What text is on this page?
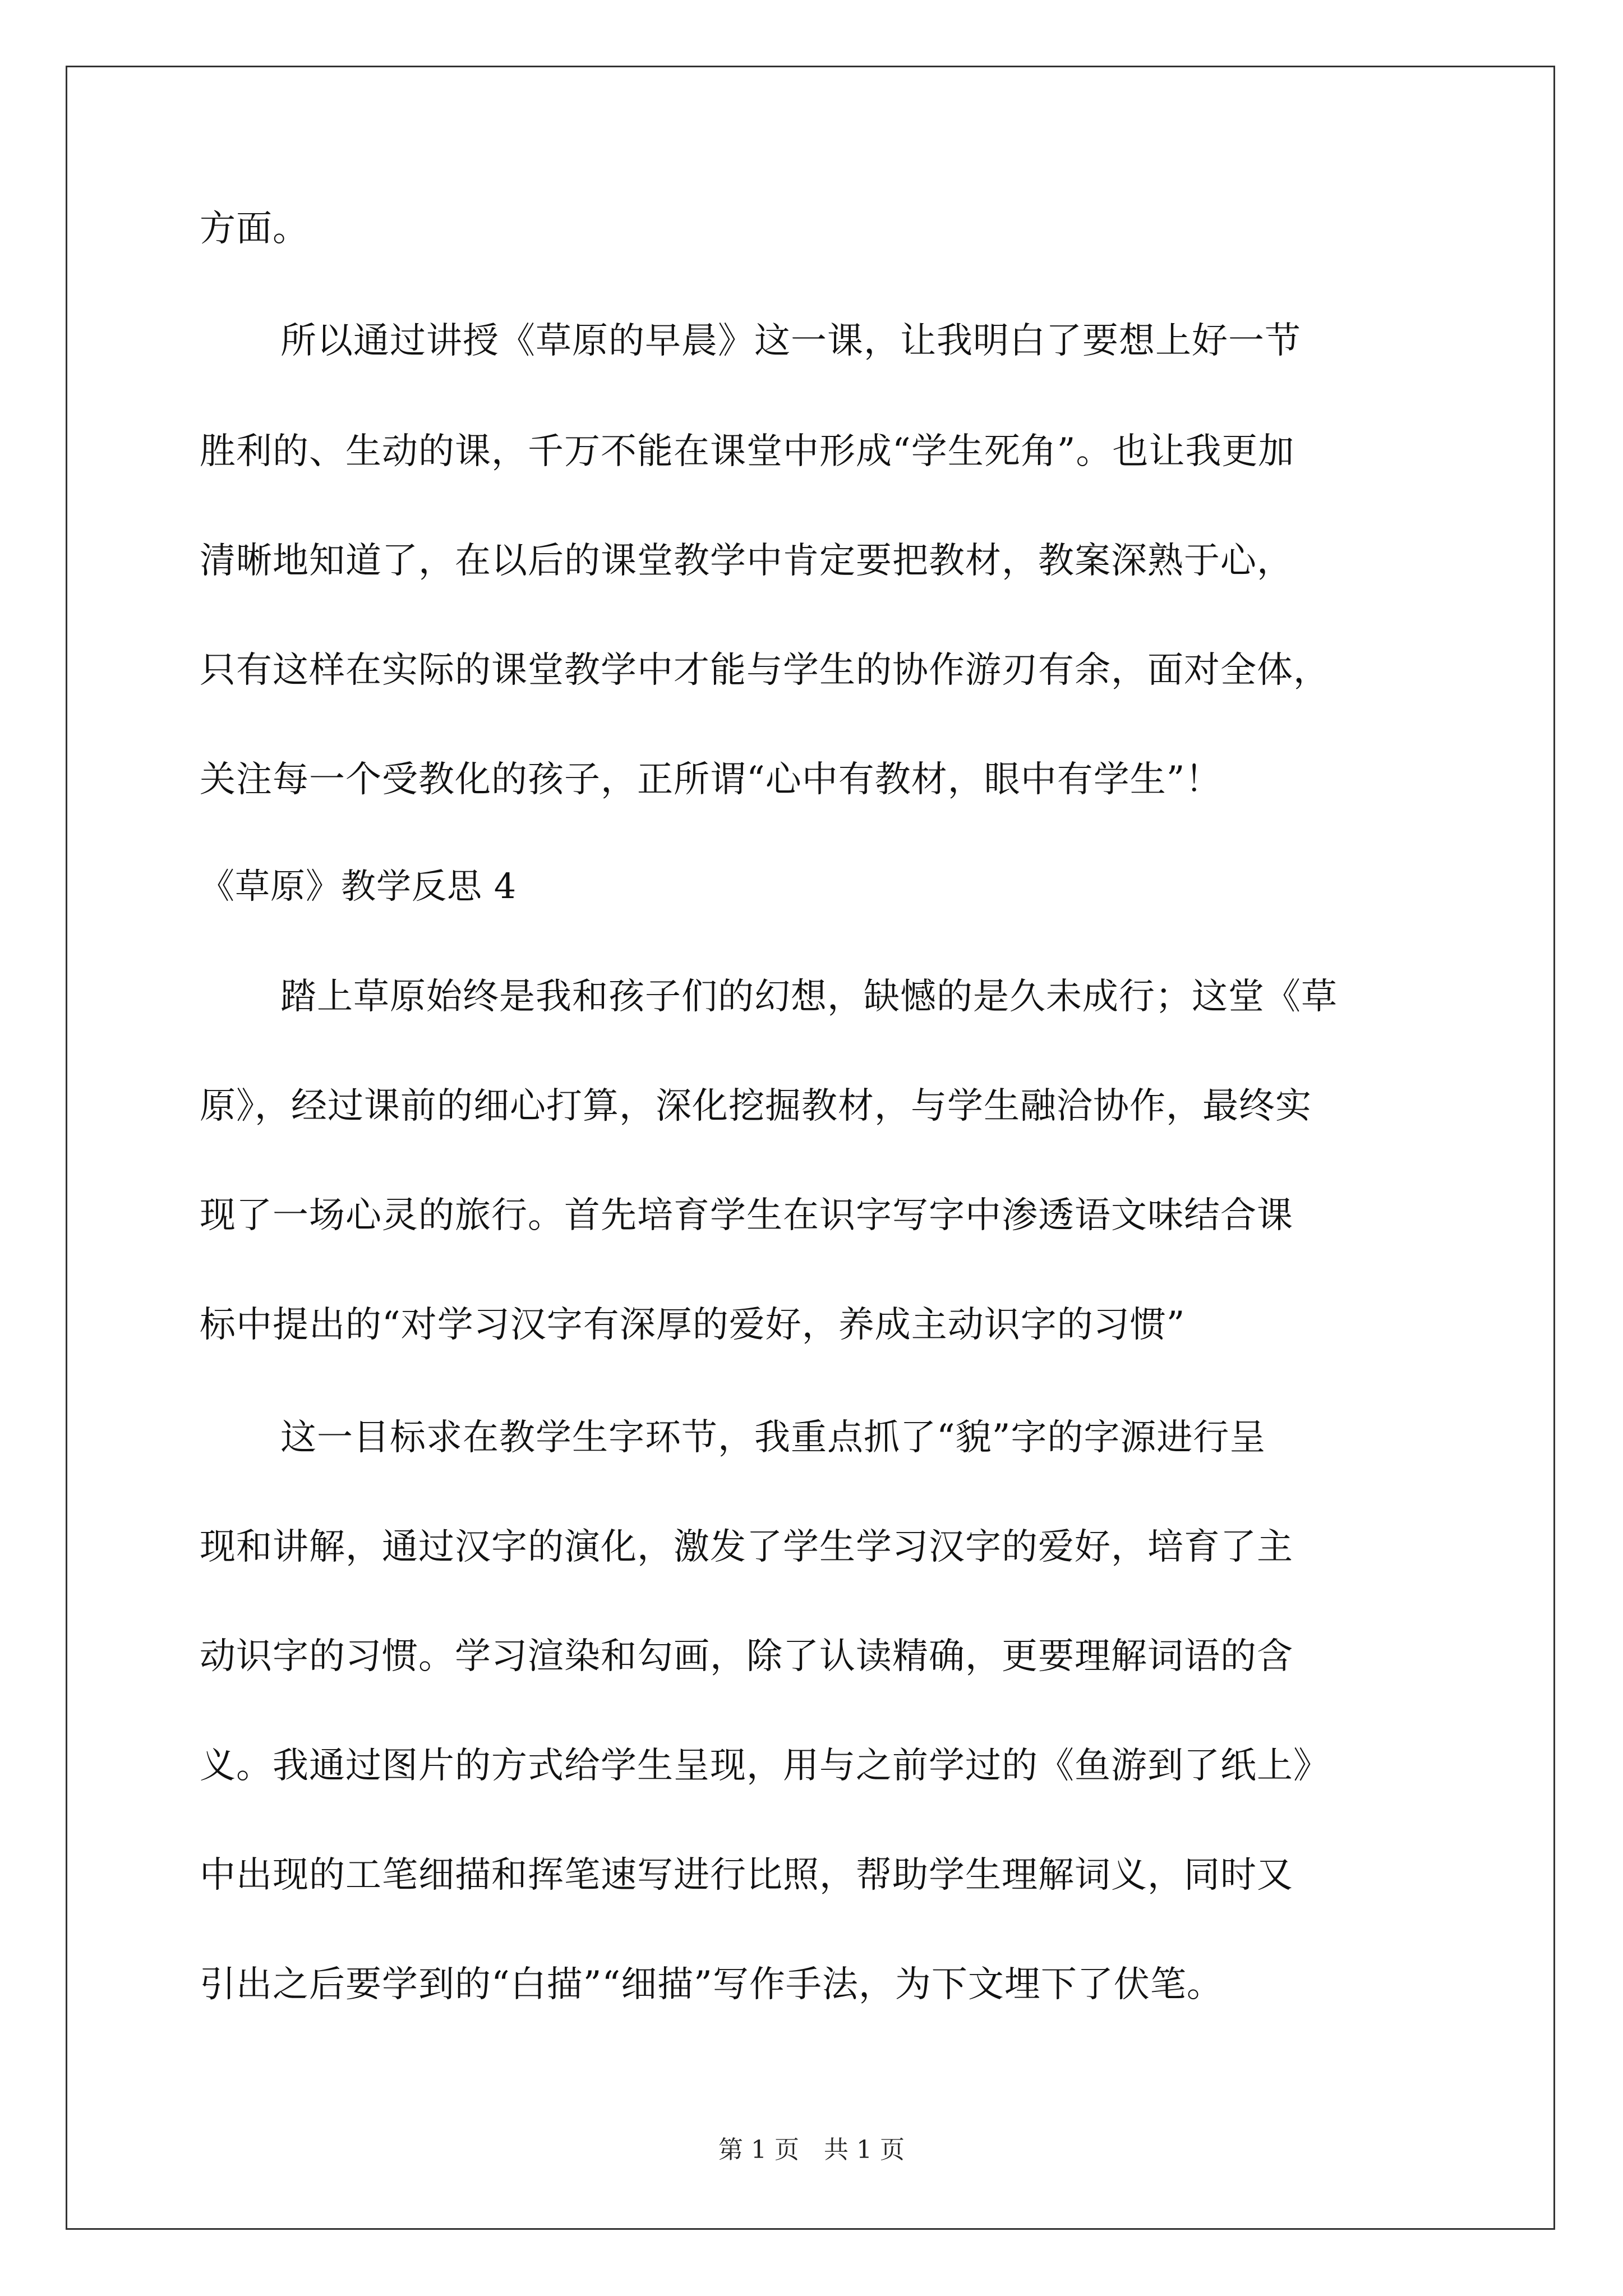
方面。
所以通过讲授《草原的早晨》这一课，让我明白了要想上好一节
胜利的、生动的课，千万不能在课堂中形成“学生死角”。也让我更加
清晰地知道了，在以后的课堂教学中肯定要把教材，教案深熟于心，
只有这样在实际的课堂教学中才能与学生的协作游刃有余，面对全体，
关注每一个受教化的孩子，正所谓“心中有教材，眼中有学生”！
《草原》教学反思 4
踏上草原始终是我和孩子们的幻想，缺憾的是久未成行；这堂《草
原》，经过课前的细心打算，深化挖掘教材，与学生融洽协作，最终实
现了一场心灵的旅行。首先培育学生在识字写字中渗透语文味结合课
标中提出的“对学习汉字有深厚的爱好，养成主动识字的习惯”
这一目标求在教学生字环节，我重点抓了“貌”字的字源进行呈
现和讲解，通过汉字的演化，激发了学生学习汉字的爱好，培育了主
动识字的习惯。学习渲染和勾画，除了认读精确，更要理解词语的含
义。我通过图片的方式给学生呈现，用与之前学过的《鱼游到了纸上》
中出现的工笔细描和挥笔速写进行比照，帮助学生理解词义，同时又
引出之后要学到的“白描”“细描”写作手法，为下文埋下了伏笔。
第 1 页　共 1 页
